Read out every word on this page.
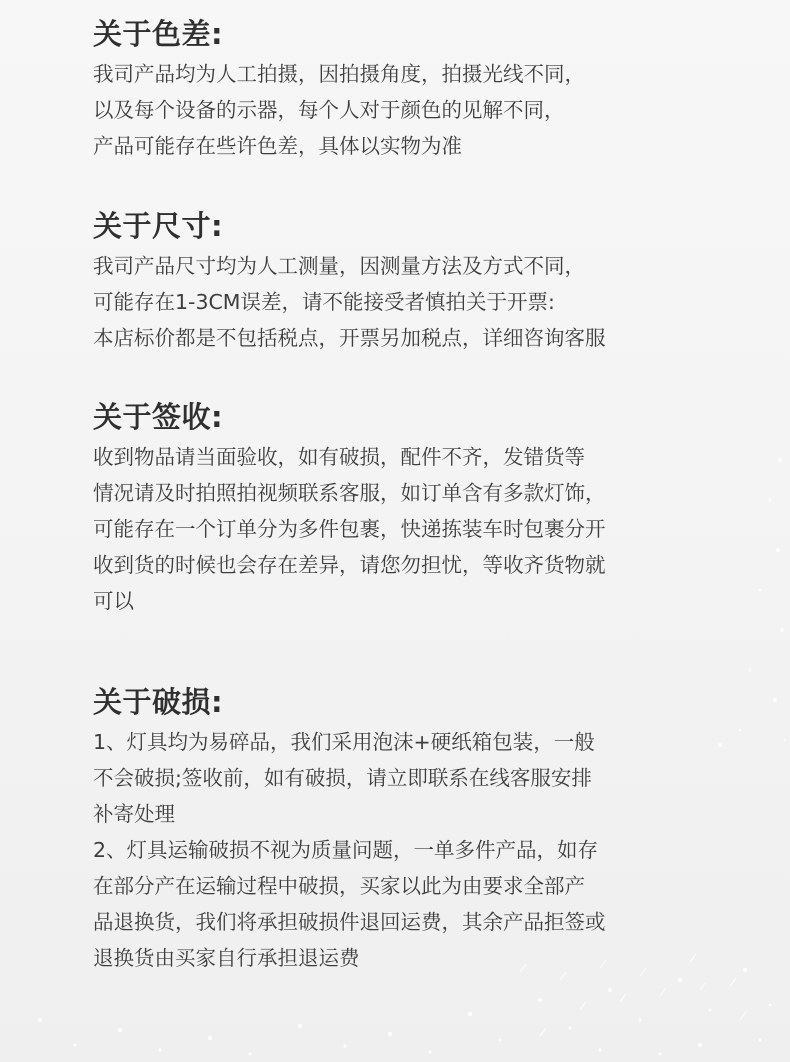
关于色差:
我司产品均为人工拍摄，因拍摄角度，拍摄光线不同，
以及每个设备的示器，每个人对于颜色的见解不同，
产品可能存在些许色差，具体以实物为准
关于尺寸:
我司产品尺寸均为人工测量，因测量方法及方式不同，
可能存在1-3CM误差，请不能接受者慎拍关于开票:
本店标价都是不包括税点，开票另加税点，详细咨询客服
关于签收:
收到物品请当面验收，如有破损，配件不齐，发错货等
情况请及时拍照拍视频联系客服，如订单含有多款灯饰，
可能存在一个订单分为多件包裹，快递拣装车时包裹分开
收到货的时候也会存在差异，请您勿担忧，等收齐货物就
可以
关于破损:
1、灯具均为易碎品，我们采用泡沫+硬纸箱包装，一般
不会破损;签收前，如有破损，请立即联系在线客服安排
补寄处理
2、灯具运输破损不视为质量问题，一单多件产品，如存
在部分产在运输过程中破损，买家以此为由要求全部产
品退换货，我们将承担破损件退回运费，其余产品拒签或
退换货由买家自行承担退运费
